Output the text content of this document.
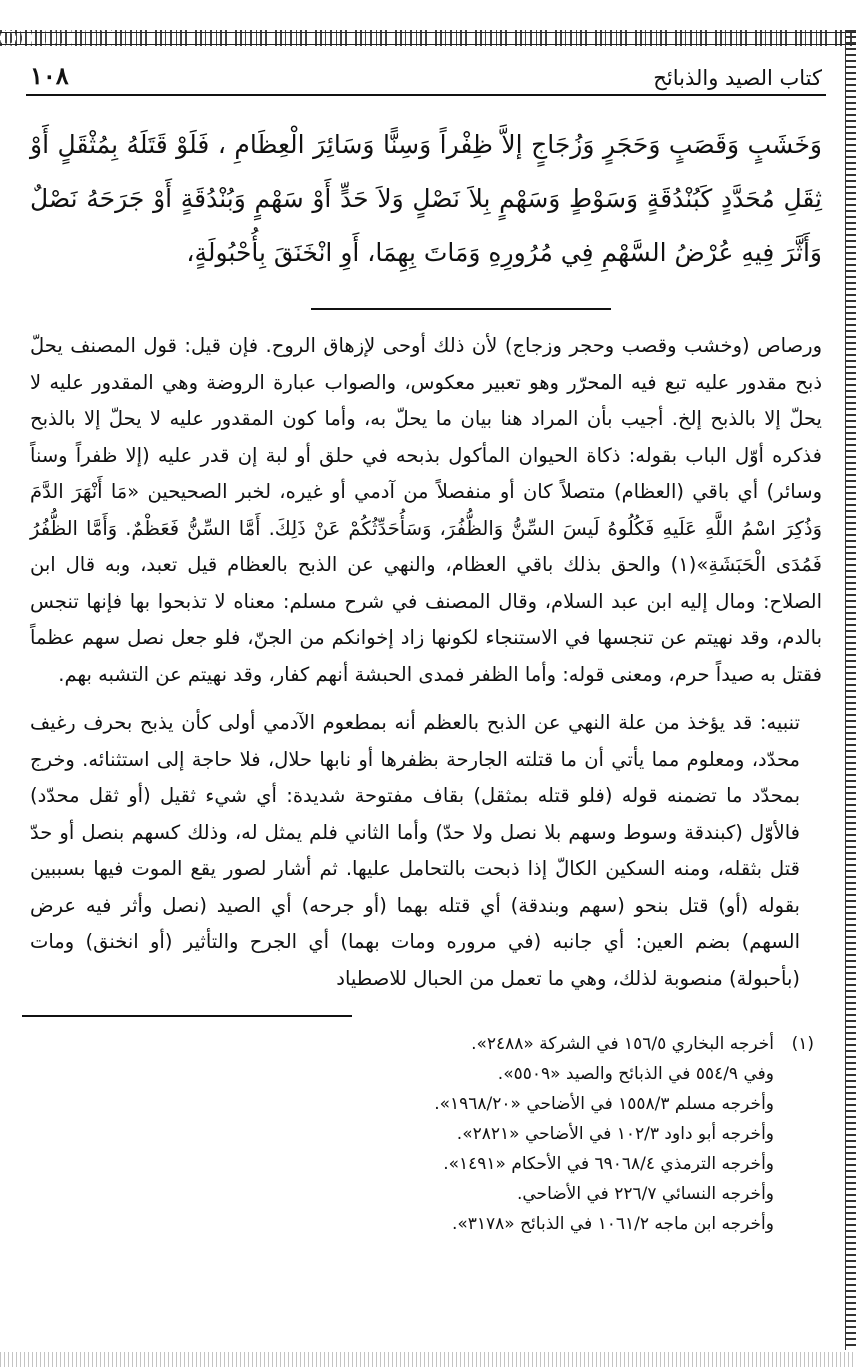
كتاب الصيد والذبائح
١٠٨
وَخَشَبٍ وَقَصَبٍ وَحَجَرٍ وَزُجَاجٍ إلاَّ ظِفْراً وَسِنًّا وَسَائِرَ الْعِظَامِ ، فَلَوْ قَتَلَهُ بِمُثْقَلٍ أَوْ ثِقَلِ مُحَدَّدٍ كَبُنْدُقَةٍ وَسَوْطٍ وَسَهْمٍ بِلاَ نَصْلٍ وَلاَ حَدٍّ أَوْ سَهْمٍ وَبُنْدُقَةٍ أَوْ جَرَحَهُ نَصْلٌ وَأَثَّرَ فِيهِ عُرْضُ السَّهْمِ فِي مُرُورِهِ وَمَاتَ بِهِمَا، أَوِ انْخَنَقَ بِأُحْبُولَةٍ،

ورصاص (وخشب وقصب وحجر وزجاج) لأن ذلك أوحى لإزهاق الروح. فإن قيل: قول المصنف يحلّ ذبح مقدور عليه تبع فيه المحرّر وهو تعبير معكوس، والصواب عبارة الروضة وهي المقدور عليه لا يحلّ إلا بالذبح إلخ. أجيب بأن المراد هنا بيان ما يحلّ به، وأما كون المقدور عليه لا يحلّ إلا بالذبح فذكره أوّل الباب بقوله: ذكاة الحيوان المأكول بذبحه في حلق أو لبة إن قدر عليه (إلا ظفراً وسناً وسائر) أي باقي (العظام) متصلاً كان أو منفصلاً من آدمي أو غيره، لخبر الصحيحين «مَا أَنْهَرَ الدَّمَ وَذُكِرَ اسْمُ اللَّهِ عَلَيهِ فَكُلُوهُ لَيسَ السِّنُّ وَالظُّفُرَ، وَسَأُحَدِّثُكُمْ عَنْ ذَلِكَ. أَمَّا السِّنُّ فَعَظْمٌ. وَأَمَّا الظُّفُرُ فَمُدَى الْحَبَشَةِ»(١) والحق بذلك باقي العظام، والنهي عن الذبح بالعظام قيل تعبد، وبه قال ابن الصلاح: ومال إليه ابن عبد السلام، وقال المصنف في شرح مسلم: معناه لا تذبحوا بها فإنها تنجس بالدم، وقد نهيتم عن تنجسها في الاستنجاء لكونها زاد إخوانكم من الجنّ، فلو جعل نصل سهم عظماً فقتل به صيداً حرم، ومعنى قوله: وأما الظفر فمدى الحبشة أنهم كفار، وقد نهيتم عن التشبه بهم.

تنبيه: قد يؤخذ من علة النهي عن الذبح بالعظم أنه بمطعوم الآدمي أولى كأن يذبح بحرف رغيف محدّد، ومعلوم مما يأتي أن ما قتلته الجارحة بظفرها أو نابها حلال، فلا حاجة إلى استثنائه. وخرج بمحدّد ما تضمنه قوله (فلو قتله بمثقل) بقاف مفتوحة شديدة: أي شيء ثقيل (أو ثقل محدّد) فالأوّل (كبندقة وسوط وسهم بلا نصل ولا حدّ) وأما الثاني فلم يمثل له، وذلك كسهم بنصل أو حدّ قتل بثقله، ومنه السكين الكالّ إذا ذبحت بالتحامل عليها. ثم أشار لصور يقع الموت فيها بسببين بقوله (أو) قتل بنحو (سهم وبندقة) أي قتله بهما (أو جرحه) أي الصيد (نصل وأثر فيه عرض السهم) بضم العين: أي جانبه (في مروره ومات بهما) أي الجرح والتأثير (أو انخنق) ومات (بأحبولة) منصوبة لذلك، وهي ما تعمل من الحبال للاصطياد

(١)
أخرجه البخاري ١٥٦/٥ في الشركة «٢٤٨٨».
وفي ٥٥٤/٩ في الذبائح والصيد «٥٥٠٩».
وأخرجه مسلم ١٥٥٨/٣ في الأضاحي «١٩٦٨/٢٠».
وأخرجه أبو داود ١٠٢/٣ في الأضاحي «٢٨٢١».
وأخرجه الترمذي ٦٩٠٦٨/٤ في الأحكام «١٤٩١».
وأخرجه النسائي ٢٢٦/٧ في الأضاحي.
وأخرجه ابن ماجه ١٠٦١/٢ في الذبائح «٣١٧٨».
